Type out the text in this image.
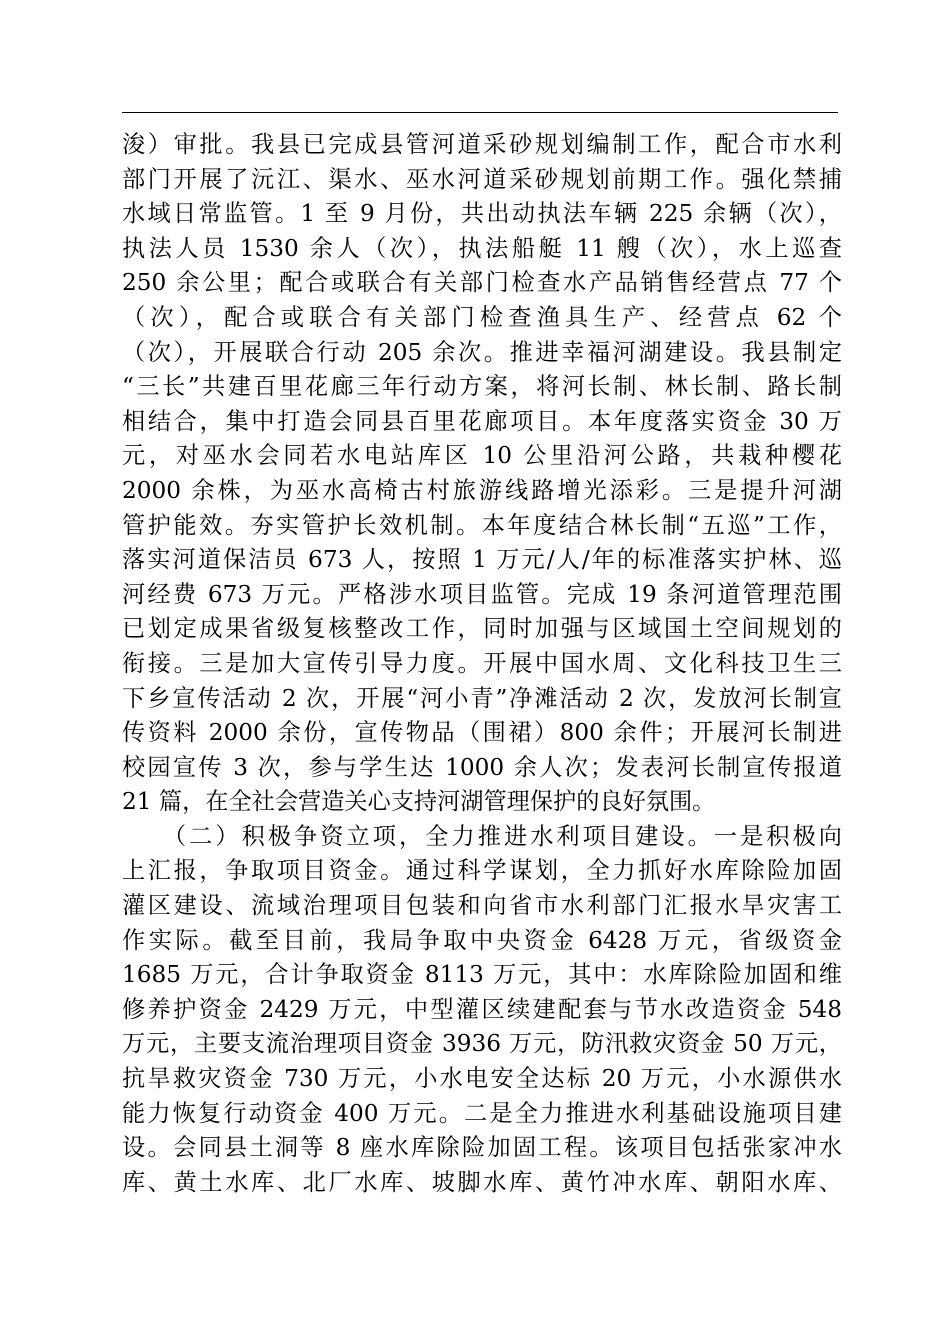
浚）审批。我县已完成县管河道采砂规划编制工作，配合市水利
部门开展了沅江、渠水、巫水河道采砂规划前期工作。强化禁捕
水域日常监管。1 至 9 月份，共出动执法车辆 225 余辆（次），
执法人员 1530 余人（次），执法船艇 11 艘（次），水上巡查
250 余公里；配合或联合有关部门检查水产品销售经营点 77 个
（次），配合或联合有关部门检查渔具生产、经营点 62 个
（次），开展联合行动 205 余次。推进幸福河湖建设。我县制定
“三长”共建百里花廊三年行动方案，将河长制、林长制、路长制
相结合，集中打造会同县百里花廊项目。本年度落实资金 30 万
元，对巫水会同若水电站库区 10 公里沿河公路，共栽种樱花
2000 余株，为巫水高椅古村旅游线路增光添彩。三是提升河湖
管护能效。夯实管护长效机制。本年度结合林长制“五巡”工作，
落实河道保洁员 673 人，按照 1 万元/人/年的标准落实护林、巡
河经费 673 万元。严格涉水项目监管。完成 19 条河道管理范围
已划定成果省级复核整改工作，同时加强与区域国土空间规划的
衔接。三是加大宣传引导力度。开展中国水周、文化科技卫生三
下乡宣传活动 2 次，开展“河小青”净滩活动 2 次，发放河长制宣
传资料 2000 余份，宣传物品（围裙）800 余件；开展河长制进
校园宣传 3 次，参与学生达 1000 余人次；发表河长制宣传报道
21 篇，在全社会营造关心支持河湖管理保护的良好氛围。
　　（二）积极争资立项，全力推进水利项目建设。一是积极向
上汇报，争取项目资金。通过科学谋划，全力抓好水库除险加固
灌区建设、流域治理项目包装和向省市水利部门汇报水旱灾害工
作实际。截至目前，我局争取中央资金 6428 万元，省级资金
1685 万元，合计争取资金 8113 万元，其中：水库除险加固和维
修养护资金 2429 万元，中型灌区续建配套与节水改造资金 548
万元，主要支流治理项目资金 3936 万元，防汛救灾资金 50 万元，
抗旱救灾资金 730 万元，小水电安全达标 20 万元，小水源供水
能力恢复行动资金 400 万元。二是全力推进水利基础设施项目建
设。会同县土洞等 8 座水库除险加固工程。该项目包括张家冲水
库、黄土水库、北厂水库、坡脚水库、黄竹冲水库、朝阳水库、
